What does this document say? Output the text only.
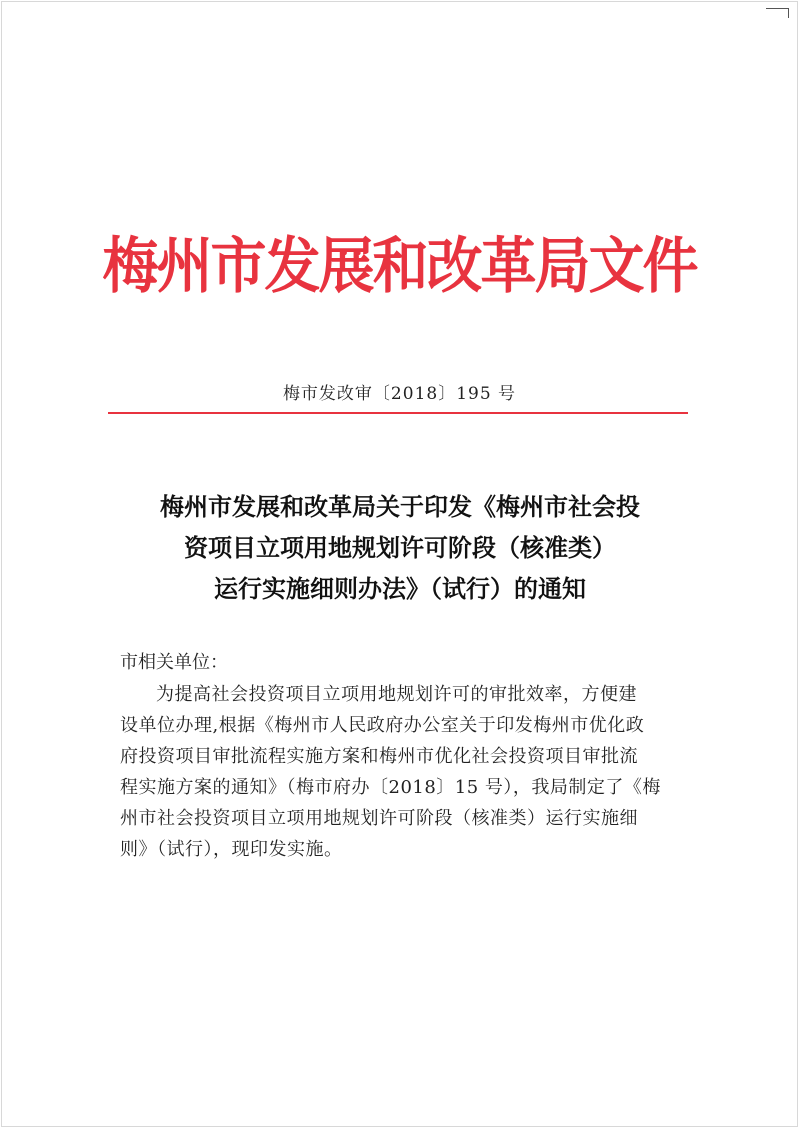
梅州市发展和改革局文件
梅市发改审〔2018〕195 号
梅州市发展和改革局关于印发《梅州市社会投
资项目立项用地规划许可阶段（核准类）
运行实施细则办法》（试行）的通知
市相关单位：
为提高社会投资项目立项用地规划许可的审批效率，方便建
设单位办理,根据《梅州市人民政府办公室关于印发梅州市优化政
府投资项目审批流程实施方案和梅州市优化社会投资项目审批流
程实施方案的通知》（梅市府办〔2018〕15 号），我局制定了《梅
州市社会投资项目立项用地规划许可阶段（核准类）运行实施细
则》（试行），现印发实施。
